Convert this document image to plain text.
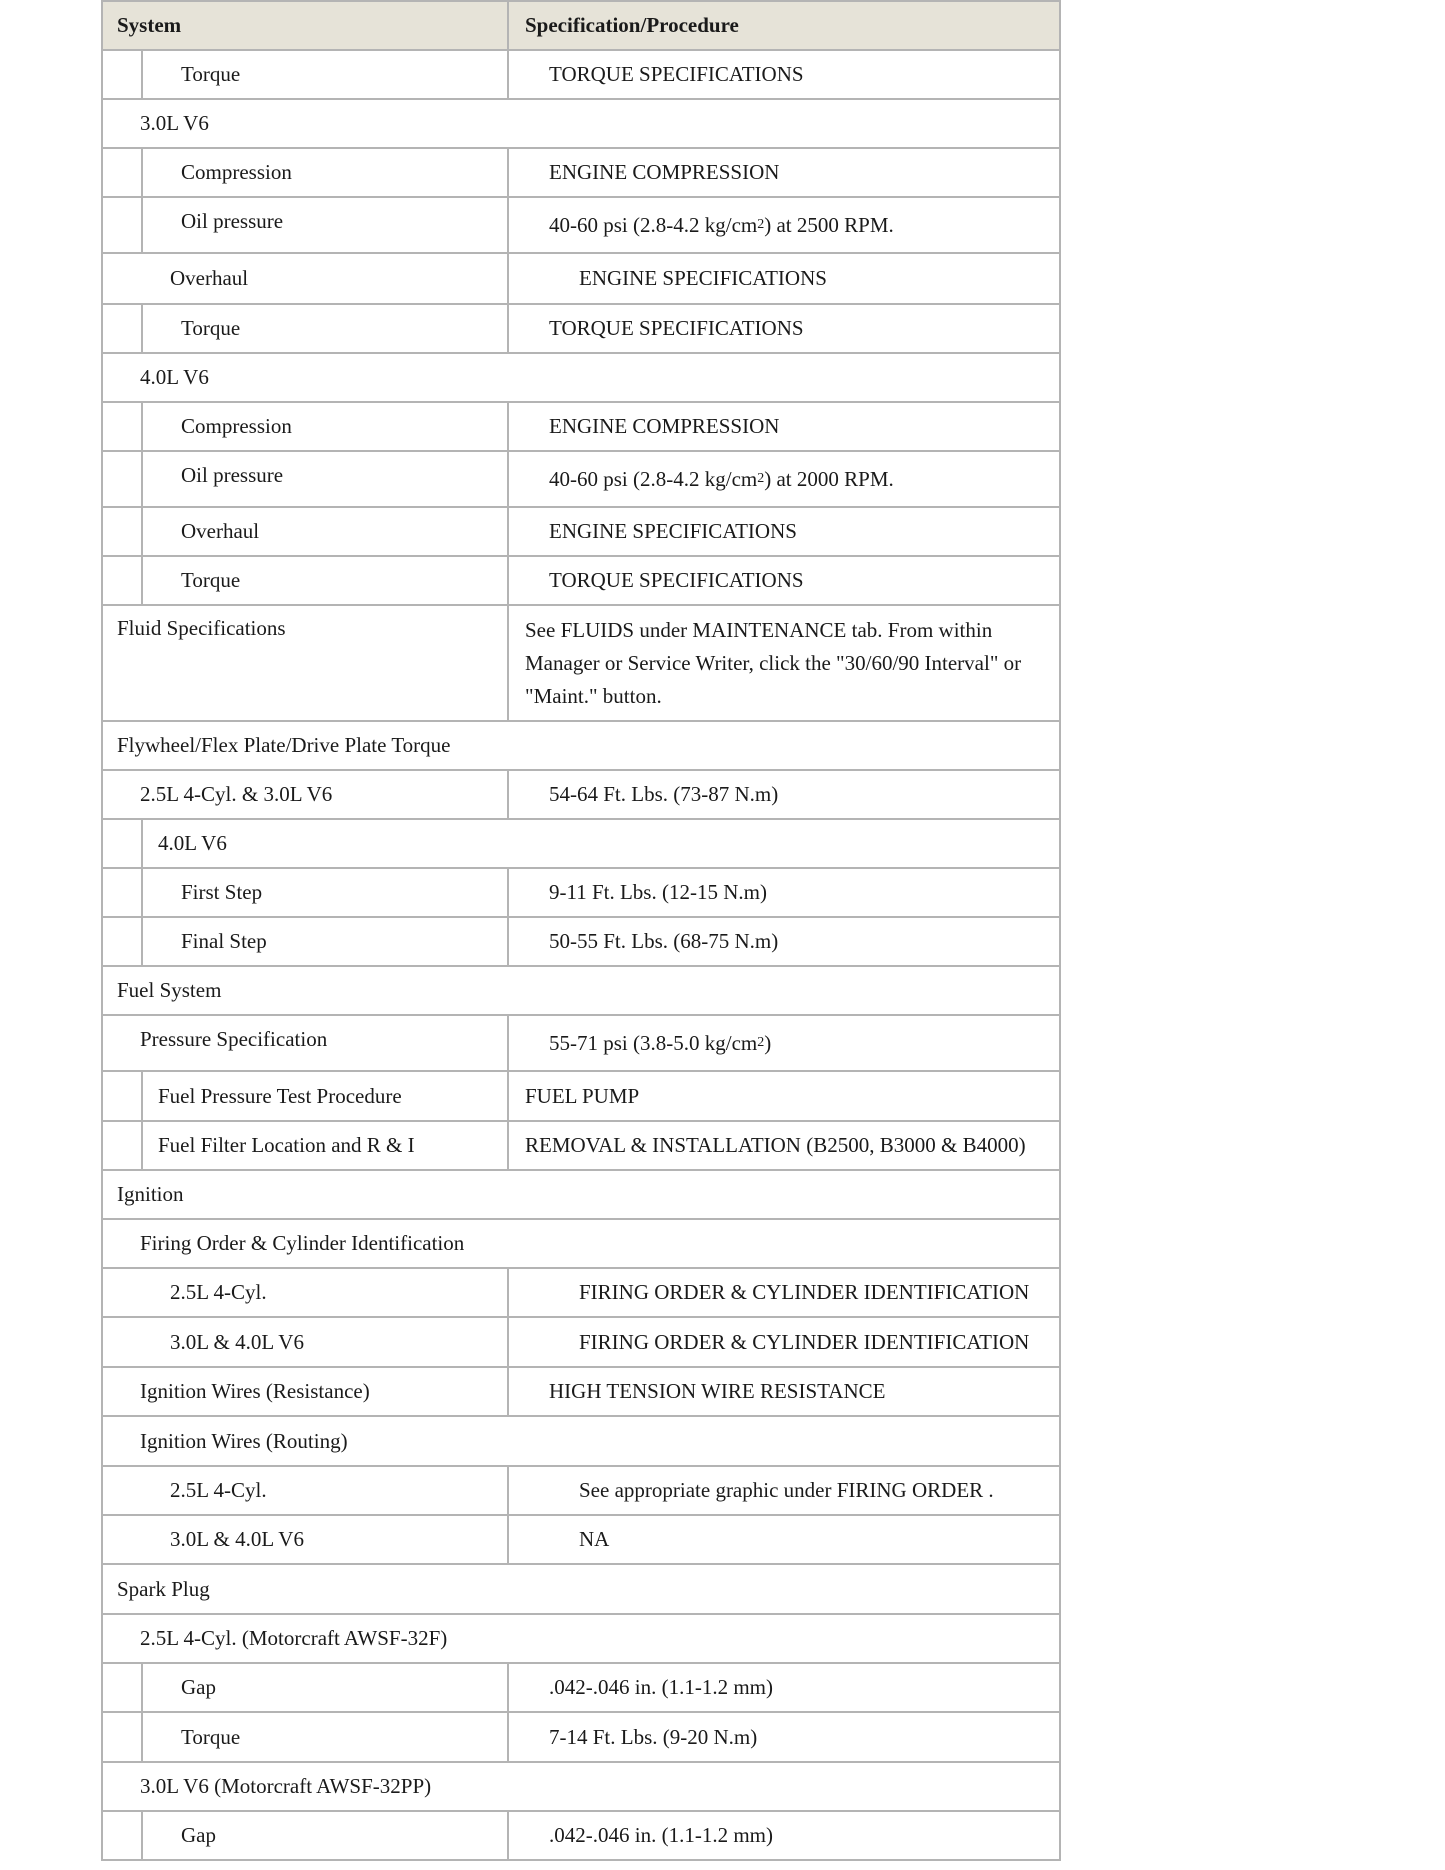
System	Specification/Procedure
Torque	TORQUE SPECIFICATIONS
3.0L V6
Compression	ENGINE COMPRESSION
Oil pressure	40-60 psi (2.8-4.2 kg/cm 2 ) at 2500 RPM.
Overhaul	ENGINE SPECIFICATIONS
Torque	TORQUE SPECIFICATIONS
4.0L V6
Compression	ENGINE COMPRESSION
Oil pressure	40-60 psi (2.8-4.2 kg/cm 2 ) at 2000 RPM.
Overhaul	ENGINE SPECIFICATIONS
Torque	TORQUE SPECIFICATIONS
Fluid Specifications	See FLUIDS under MAINTENANCE tab. From within Manager or Service Writer, click the "30/60/90 Interval" or "Maint." button.
Flywheel/Flex Plate/Drive Plate Torque
2.5L 4-Cyl. & 3.0L V6	54-64 Ft. Lbs. (73-87 N.m)
4.0L V6
First Step	9-11 Ft. Lbs. (12-15 N.m)
Final Step	50-55 Ft. Lbs. (68-75 N.m)
Fuel System
Pressure Specification	55-71 psi (3.8-5.0 kg/cm 2 )
Fuel Pressure Test Procedure	FUEL PUMP
Fuel Filter Location and R & I	REMOVAL & INSTALLATION (B2500, B3000 & B4000)
Ignition
Firing Order & Cylinder Identification
2.5L 4-Cyl.	FIRING ORDER & CYLINDER IDENTIFICATION
3.0L & 4.0L V6	FIRING ORDER & CYLINDER IDENTIFICATION
Ignition Wires (Resistance)	HIGH TENSION WIRE RESISTANCE
Ignition Wires (Routing)
2.5L 4-Cyl.	See appropriate graphic under FIRING ORDER .
3.0L & 4.0L V6	NA
Spark Plug
2.5L 4-Cyl. (Motorcraft AWSF-32F)
Gap	.042-.046 in. (1.1-1.2 mm)
Torque	7-14 Ft. Lbs. (9-20 N.m)
3.0L V6 (Motorcraft AWSF-32PP)
Gap	.042-.046 in. (1.1-1.2 mm)
